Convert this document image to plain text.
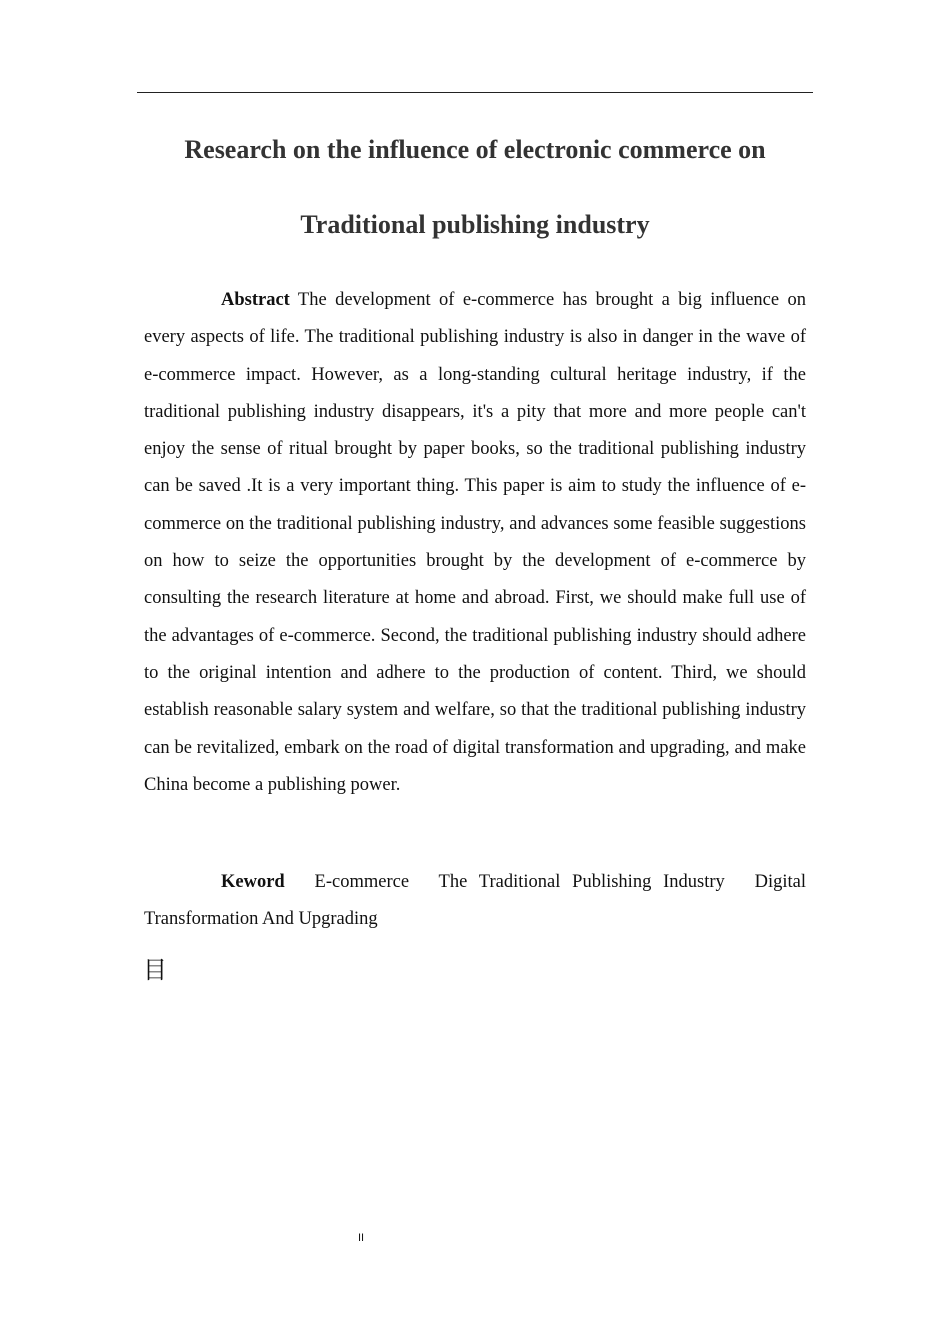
Research on the influence of electronic commerce on
Traditional publishing industry

Abstract The development of e-commerce has brought a big influence on every aspects of life. The traditional publishing industry is also in danger in the wave of e-commerce impact. However, as a long-standing cultural heritage industry, if the traditional publishing industry disappears, it's a pity that more and more people can't enjoy the sense of ritual brought by paper books, so the traditional publishing industry can be saved .It is a very important thing. This paper is aim to study the influence of e-commerce on the traditional publishing industry, and advances some feasible suggestions on how to seize the opportunities brought by the development of e-commerce by consulting the research literature at home and abroad. First, we should make full use of the advantages of e-commerce. Second, the traditional publishing industry should adhere to the original intention and adhere to the production of content. Third, we should establish reasonable salary system and welfare, so that the traditional publishing industry can be revitalized, embark on the road of digital transformation and upgrading, and make China become a publishing power.

Keword E-commerce The Traditional Publishing Industry Digital Transformation And Upgrading

目
II
